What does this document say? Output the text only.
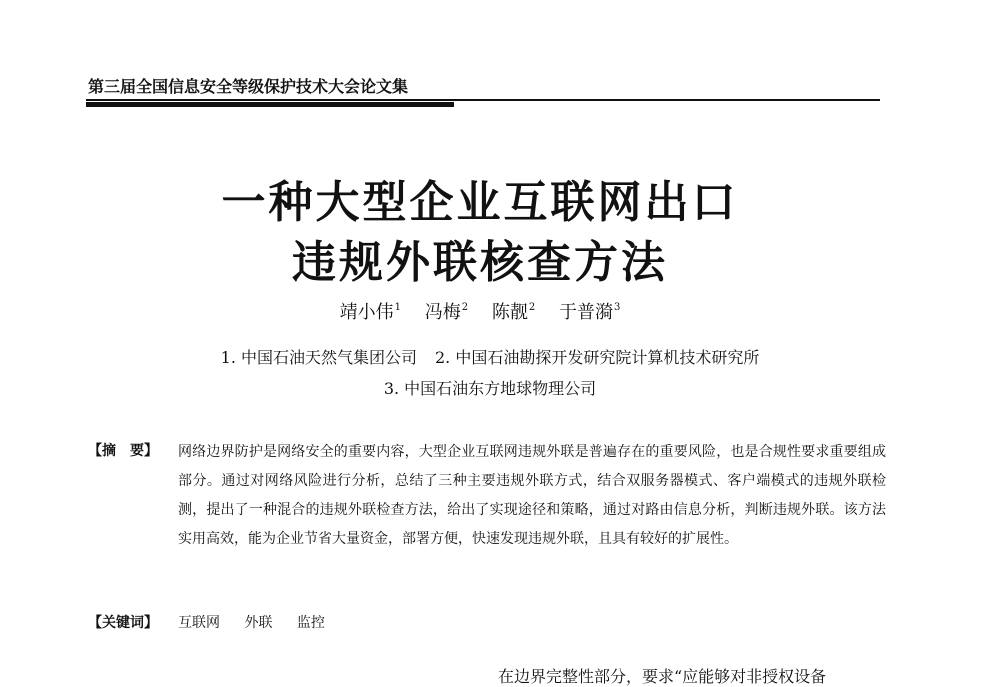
第三届全国信息安全等级保护技术大会论文集
一种大型企业互联网出口
违规外联核查方法
靖小伟$^1$ 冯梅$^2$ 陈靓$^2$ 于普漪$^3$
1. 中国石油天然气集团公司 2. 中国石油勘探开发研究院计算机技术研究所
3. 中国石油东方地球物理公司
【摘　要】 网络边界防护是网络安全的重要内容，大型企业互联网违规外联是普遍存在的重要风险，也是合规性要求重要组成部分。通过对网络风险进行分析，总结了三种主要违规外联方式，结合双服务器模式、客户端模式的违规外联检测，提出了一种混合的违规外联检查方法，给出了实现途径和策略，通过对路由信息分析，判断违规外联。该方法实用高效，能为企业节省大量资金，部署方便，快速发现违规外联，且具有较好的扩展性。
【关键词】 互联网 外联 监控
在边界完整性部分，要求“应能够对非授权设备
